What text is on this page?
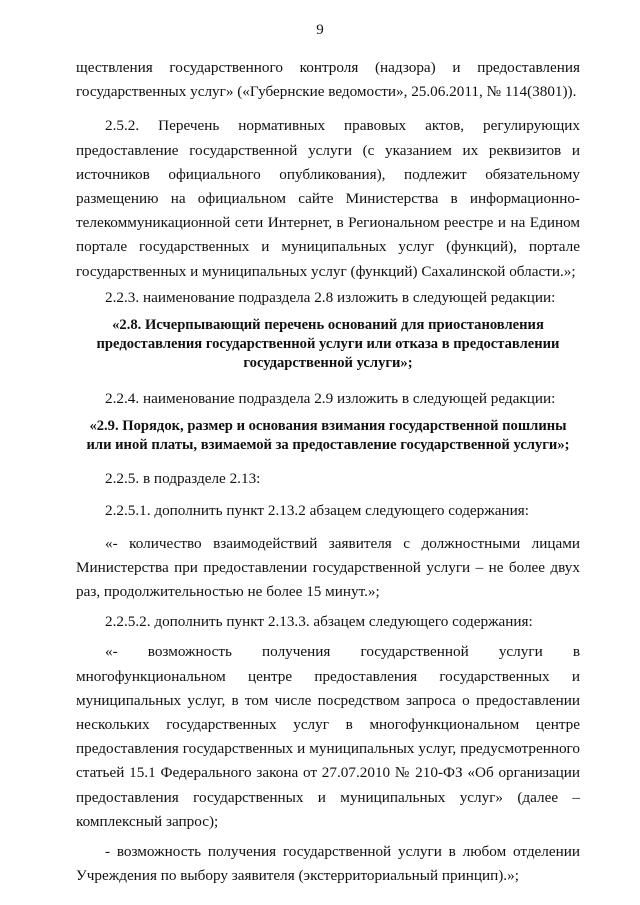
9

ществления государственного контроля (надзора) и предоставления государственных услуг» («Губернские ведомости», 25.06.2011, № 114(3801)).

2.5.2. Перечень нормативных правовых актов, регулирующих предоставление государственной услуги (с указанием их реквизитов и источников официального опубликования), подлежит обязательному размещению на официальном сайте Министерства в информационно-телекоммуникационной сети Интернет, в Региональном реестре и на Едином портале государственных и муниципальных услуг (функций), портале государственных и муниципальных услуг (функций) Сахалинской области.»;

2.2.3. наименование подраздела 2.8 изложить в следующей редакции:

«2.8. Исчерпывающий перечень оснований для приостановления предоставления государственной услуги или отказа в предоставлении государственной услуги»;

2.2.4. наименование подраздела 2.9 изложить в следующей редакции:

«2.9. Порядок, размер и основания взимания государственной пошлины или иной платы, взимаемой за предоставление государственной услуги»;

2.2.5. в подразделе 2.13:

2.2.5.1. дополнить пункт 2.13.2 абзацем следующего содержания:

«- количество взаимодействий заявителя с должностными лицами Министерства при предоставлении государственной услуги – не более двух раз, продолжительностью не более 15 минут.»;

2.2.5.2. дополнить пункт 2.13.3. абзацем следующего содержания:

«- возможность получения государственной услуги в многофункциональном центре предоставления государственных и муниципальных услуг, в том числе посредством запроса о предоставлении нескольких государственных услуг в многофункциональном центре предоставления государственных и муниципальных услуг, предусмотренного статьей 15.1 Федерального закона от 27.07.2010 № 210-ФЗ «Об организации предоставления государственных и муниципальных услуг» (далее – комплексный запрос);

- возможность получения государственной услуги в любом отделении Учреждения по выбору заявителя (экстерриториальный принцип).»;
